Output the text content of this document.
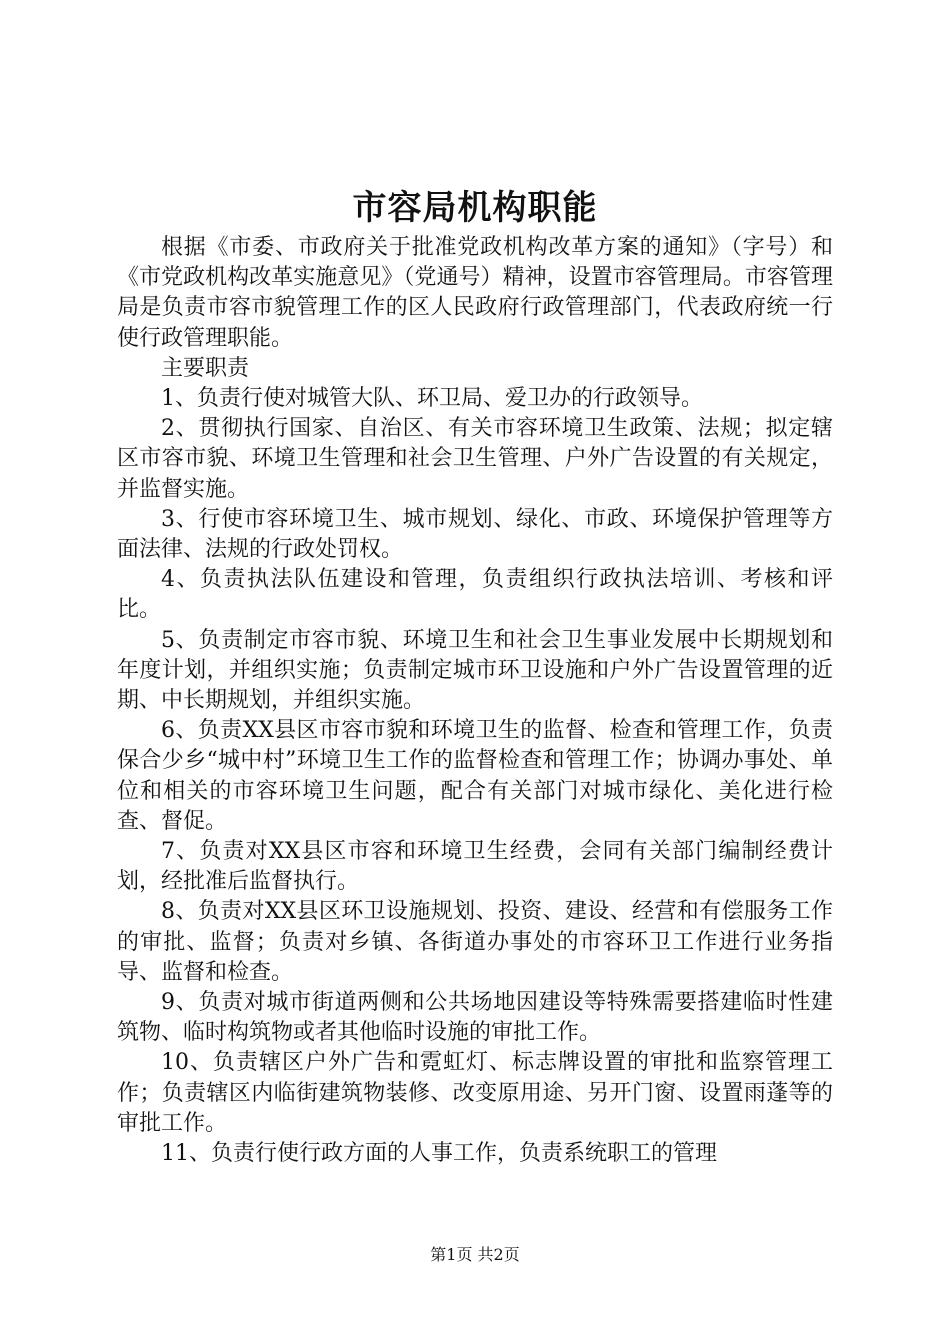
市容局机构职能

根据《市委、市政府关于批准党政机构改革方案的通知》（字号）和《市党政机构改革实施意见》（党通号）精神，设置市容管理局。市容管理局是负责市容市貌管理工作的区人民政府行政管理部门，代表政府统一行使行政管理职能。

主要职责

1、负责行使对城管大队、环卫局、爱卫办的行政领导。

2、贯彻执行国家、自治区、有关市容环境卫生政策、法规；拟定辖区市容市貌、环境卫生管理和社会卫生管理、户外广告设置的有关规定，并监督实施。

3、行使市容环境卫生、城市规划、绿化、市政、环境保护管理等方面法律、法规的行政处罚权。

4、负责执法队伍建设和管理，负责组织行政执法培训、考核和评比。

5、负责制定市容市貌、环境卫生和社会卫生事业发展中长期规划和年度计划，并组织实施；负责制定城市环卫设施和户外广告设置管理的近期、中长期规划，并组织实施。

6、负责XX县区市容市貌和环境卫生的监督、检查和管理工作，负责保合少乡“城中村”环境卫生工作的监督检查和管理工作；协调办事处、单位和相关的市容环境卫生问题，配合有关部门对城市绿化、美化进行检查、督促。

7、负责对XX县区市容和环境卫生经费，会同有关部门编制经费计划，经批准后监督执行。

8、负责对XX县区环卫设施规划、投资、建设、经营和有偿服务工作的审批、监督；负责对乡镇、各街道办事处的市容环卫工作进行业务指导、监督和检查。

9、负责对城市街道两侧和公共场地因建设等特殊需要搭建临时性建筑物、临时构筑物或者其他临时设施的审批工作。

10、负责辖区户外广告和霓虹灯、标志牌设置的审批和监察管理工作；负责辖区内临街建筑物装修、改变原用途、另开门窗、设置雨蓬等的审批工作。

11、负责行使行政方面的人事工作，负责系统职工的管理

第1页 共2页
